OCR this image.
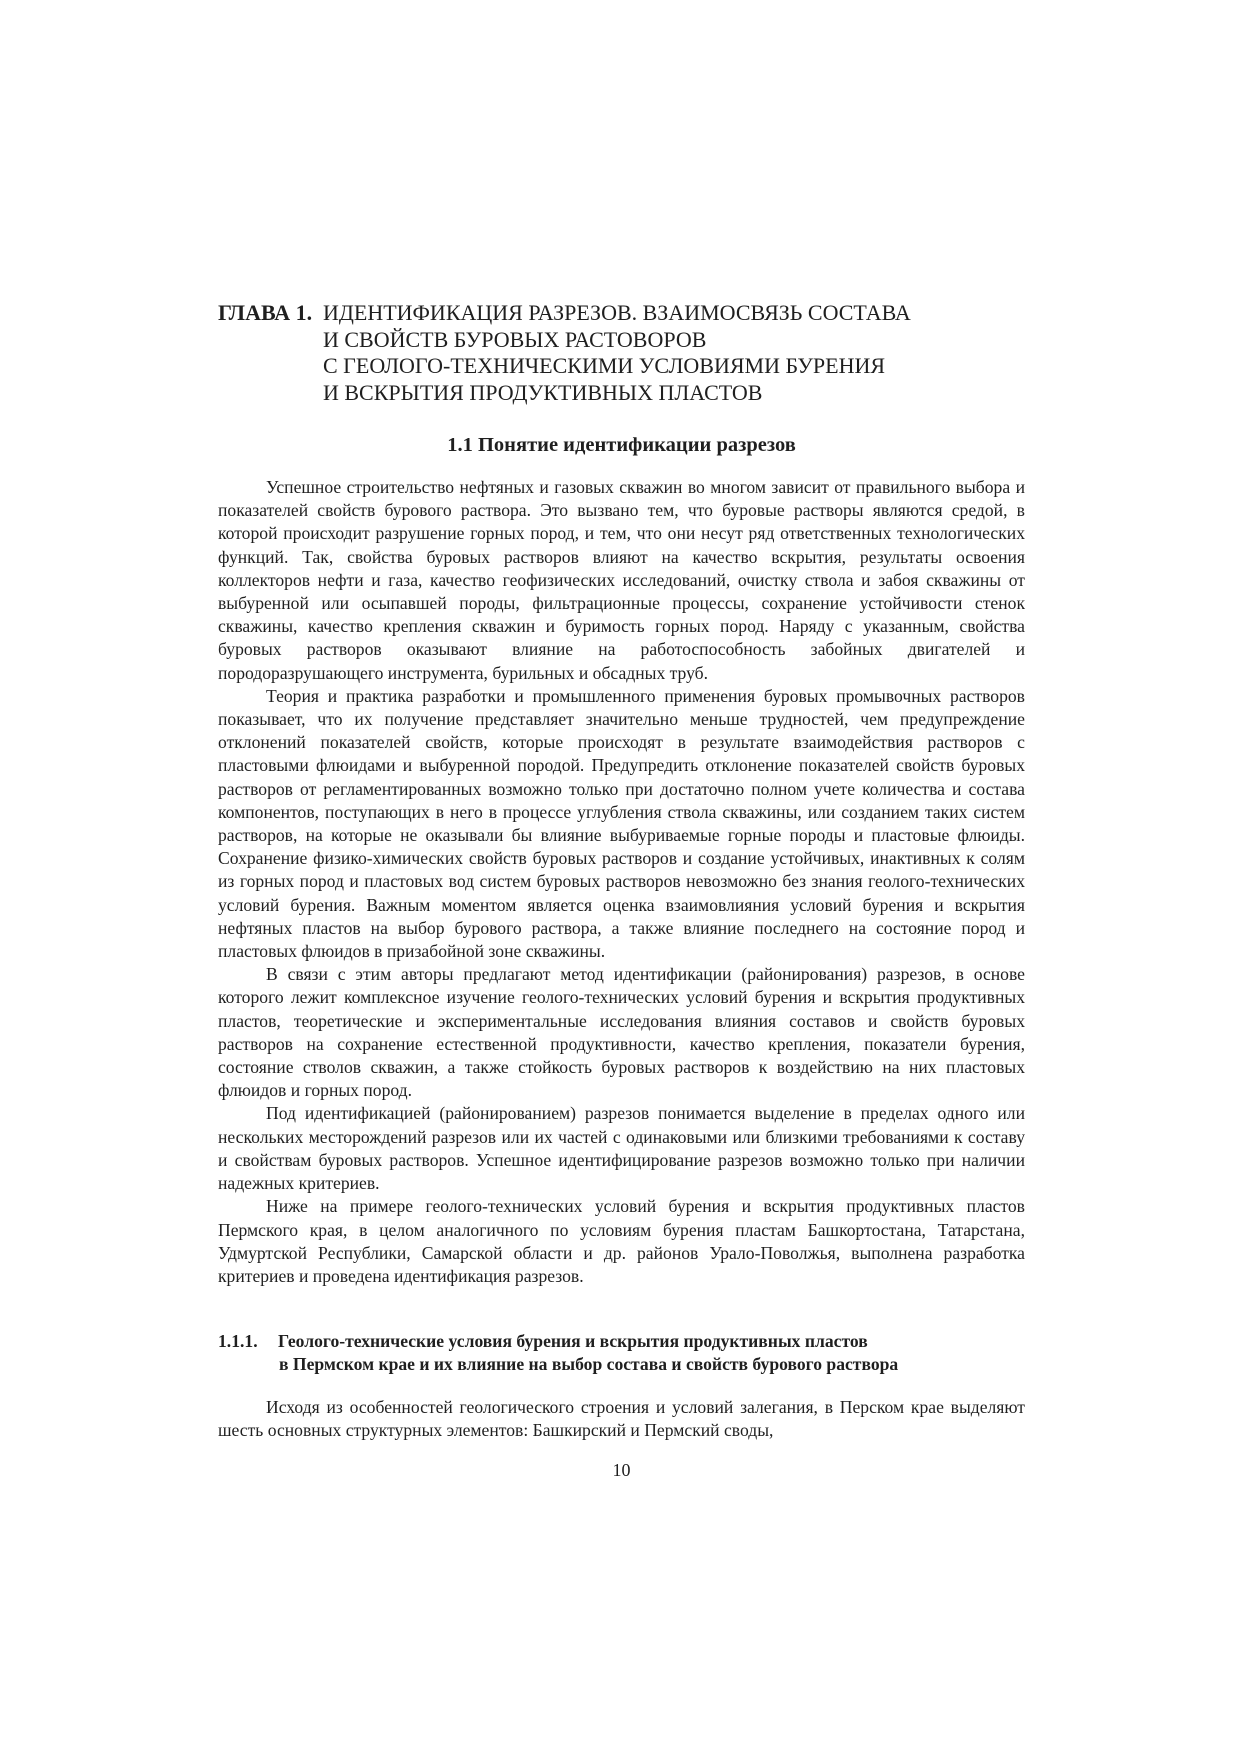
ГЛАВА 1. ИДЕНТИФИКАЦИЯ РАЗРЕЗОВ. ВЗАИМОСВЯЗЬ СОСТАВА
И СВОЙСТВ БУРОВЫХ РАСТОВОРОВ
С ГЕОЛОГО-ТЕХНИЧЕСКИМИ УСЛОВИЯМИ БУРЕНИЯ
И ВСКРЫТИЯ ПРОДУКТИВНЫХ ПЛАСТОВ
1.1 Понятие идентификации разрезов

Успешное строительство нефтяных и газовых скважин во многом зависит от правильного выбора и показателей свойств бурового раствора. Это вызвано тем, что буровые растворы являются средой, в которой происходит разрушение горных пород, и тем, что они несут ряд ответственных технологических функций. Так, свойства буровых растворов влияют на качество вскрытия, результаты освоения коллекторов нефти и газа, качество геофизических исследований, очистку ствола и забоя скважины от выбуренной или осыпавшей породы, фильтрационные процессы, сохранение устойчивости стенок скважины, качество крепления скважин и буримость горных пород. Наряду с указанным, свойства буровых растворов оказывают влияние на работоспособность забойных двигателей и породоразрушающего инструмента, бурильных и обсадных труб.

Теория и практика разработки и промышленного применения буровых промывочных растворов показывает, что их получение представляет значительно меньше трудностей, чем предупреждение отклонений показателей свойств, которые происходят в результате взаимодействия растворов с пластовыми флюидами и выбуренной породой. Предупредить отклонение показателей свойств буровых растворов от регламентированных возможно только при достаточно полном учете количества и состава компонентов, поступающих в него в процессе углубления ствола скважины, или созданием таких систем растворов, на которые не оказывали бы влияние выбуриваемые горные породы и пластовые флюиды. Сохранение физико-химических свойств буровых растворов и создание устойчивых, инактивных к солям из горных пород и пластовых вод систем буровых растворов невозможно без знания геолого-технических условий бурения. Важным моментом является оценка взаимовлияния условий бурения и вскрытия нефтяных пластов на выбор бурового раствора, а также влияние последнего на состояние пород и пластовых флюидов в призабойной зоне скважины.

В связи с этим авторы предлагают метод идентификации (районирования) разрезов, в основе которого лежит комплексное изучение геолого-технических условий бурения и вскрытия продуктивных пластов, теоретические и экспериментальные исследования влияния составов и свойств буровых растворов на сохранение естественной продуктивности, качество крепления, показатели бурения, состояние стволов скважин, а также стойкость буровых растворов к воздействию на них пластовых флюидов и горных пород.

Под идентификацией (районированием) разрезов понимается выделение в пределах одного или нескольких месторождений разрезов или их частей с одинаковыми или близкими требованиями к составу и свойствам буровых растворов. Успешное идентифицирование разрезов возможно только при наличии надежных критериев.

Ниже на примере геолого-технических условий бурения и вскрытия продуктивных пластов Пермского края, в целом аналогичного по условиям бурения пластам Башкортостана, Татарстана, Удмуртской Республики, Самарской области и др. районов Урало-Поволжья, выполнена разработка критериев и проведена идентификация разрезов.

1.1.1. Геолого-технические условия бурения и вскрытия продуктивных пластов
в Пермском крае и их влияние на выбор состава и свойств бурового раствора

Исходя из особенностей геологического строения и условий залегания, в Перском крае выделяют шесть основных структурных элементов: Башкирский и Пермский своды,

10
